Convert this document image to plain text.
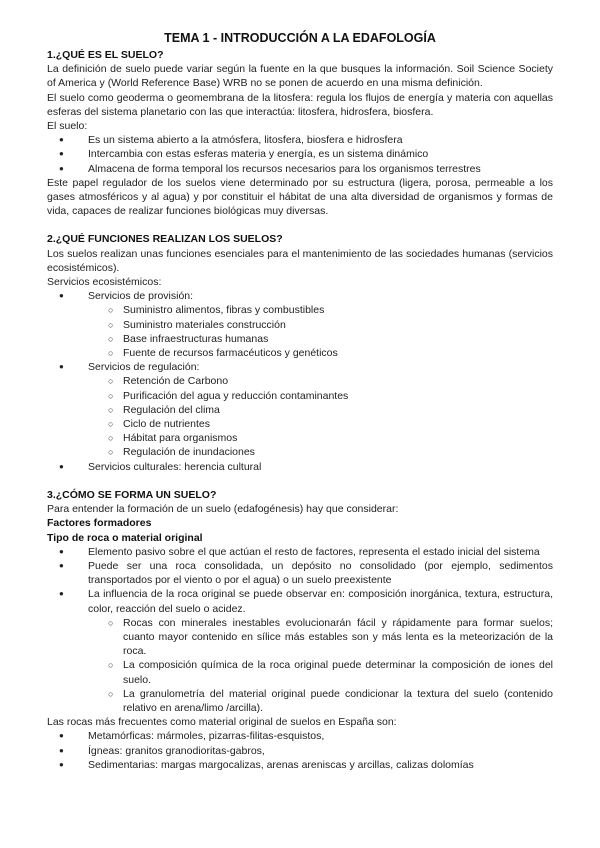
TEMA 1 - INTRODUCCIÓN A LA EDAFOLOGÍA
1.¿QUÉ ES EL SUELO?

La definición de suelo puede variar según la fuente en la que busques la información. Soil Science Society of America y (World Reference Base) WRB no se ponen de acuerdo en una misma definición.

El suelo como geoderma o geomembrana de la litosfera: regula los flujos de energía y materia con aquellas esferas del sistema planetario con las que interactúa: litosfera, hidrosfera, biosfera.

El suelo:

● Es un sistema abierto a la atmósfera, litosfera, biosfera e hidrosfera
● Intercambia con estas esferas materia y energía, es un sistema dinámico
● Almacena de forma temporal los recursos necesarios para los organismos terrestres

Este papel regulador de los suelos viene determinado por su estructura (ligera, porosa, permeable a los gases atmosféricos y al agua) y por constituir el hábitat de una alta diversidad de organismos y formas de vida, capaces de realizar funciones biológicas muy diversas.

2.¿QUÉ FUNCIONES REALIZAN LOS SUELOS?

Los suelos realizan unas funciones esenciales para el mantenimiento de las sociedades humanas (servicios ecosistémicos).

Servicios ecosistémicos:

● Servicios de provisión:
○ Suministro alimentos, fibras y combustibles
○ Suministro materiales construcción
○ Base infraestructuras humanas
○ Fuente de recursos farmacéuticos y genéticos
● Servicios de regulación:
○ Retención de Carbono
○ Purificación del agua y reducción contaminantes
○ Regulación del clima
○ Ciclo de nutrientes
○ Hábitat para organismos
○ Regulación de inundaciones
● Servicios culturales: herencia cultural
3.¿CÓMO SE FORMA UN SUELO?

Para entender la formación de un suelo (edafogénesis) hay que considerar:

Factores formadores
Tipo de roca o material original
● Elemento pasivo sobre el que actúan el resto de factores, representa el estado inicial del sistema
● Puede ser una roca consolidada, un depósito no consolidado (por ejemplo, sedimentos transportados por el viento o por el agua) o un suelo preexistente
● La influencia de la roca original se puede observar en: composición inorgánica, textura, estructura, color, reacción del suelo o acidez.
○ Rocas con minerales inestables evolucionarán fácil y rápidamente para formar suelos; cuanto mayor contenido en sílice más estables son y más lenta es la meteorización de la roca.
○ La composición química de la roca original puede determinar la composición de iones del suelo.
○ La granulometría del material original puede condicionar la textura del suelo (contenido relativo en arena/limo /arcilla).

Las rocas más frecuentes como material original de suelos en España son:

● Metamórficas: mármoles, pizarras-filitas-esquistos,
● Ígneas: granitos granodioritas-gabros,
● Sedimentarias: margas margocalizas, arenas areniscas y arcillas, calizas dolomías
